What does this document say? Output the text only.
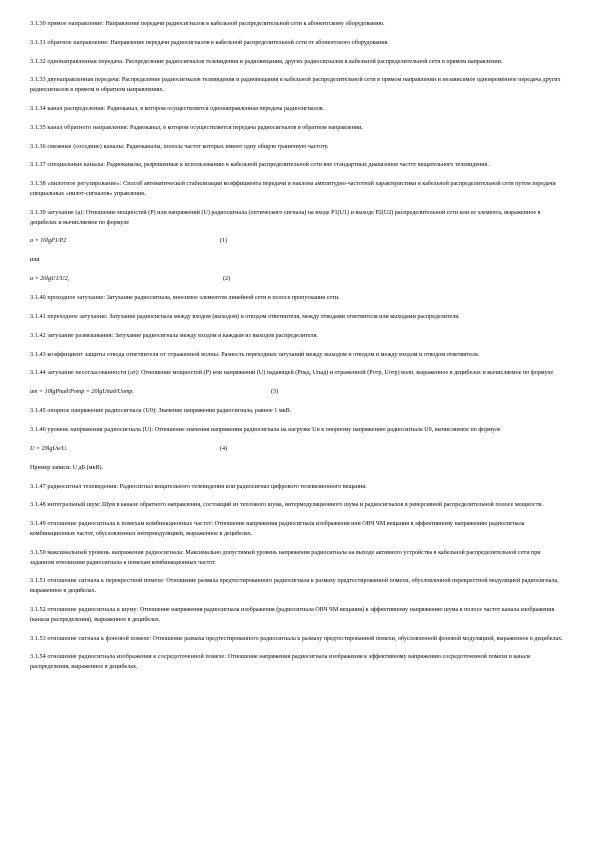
3.1.30 прямое направление: Направление передачи радиосигналов в кабельной распределительной сети к абонентскому оборудованию.

3.1.31 обратное направление: Направление передачи радиосигналов в кабельной распределительной сети от абонентского оборудования.

3.1.32 однонаправленная передача: Распределение радиосигналов телевидения и радиовещания, других радиосигналов в кабельной распределительной сети в прямом направлении.

3.1.33 двунаправленная передача: Распределение радиосигналов телевидения и радиовещания в кабельной распределительной сети в прямом направлении и независимое одновременное передача других радиосигналов в прямом и обратном направлениях.

3.1.34 канал распределения: Радиоканал, в котором осуществляется однонаправленная передача радиосигналов.

3.1.35 канал обратного направления: Радиоканал, в котором осуществляется передача радиосигналов в обратном направлении.

3.1.36 смежные (соседние) каналы: Радиоканалы, полосы частот которых имеют одну общую граничную частоту.

3.1.37 специальные каналы: Радиоканалы, разрешенные к использованию в кабельной распределительной сети вне стандартных диапазонов частот вещательного телевидения.

3.1.38 «пилотное регулирование»: Способ автоматической стабилизации коэффициента передачи и наклона амплитудно-частотной характеристики в кабельной распределительной сети путем передачи специальных «пилот-сигналов» управления.

3.1.39 затухание (а): Отношение мощностей (P) или напряжений (U) радиосигнала (оптического сигнала) на входе P1(U1) и выходе P2(U2) распределительной сети или ее элемента, выраженное в децибелах и вычисляемое по формуле

a = 10lgP1/P2	(1)

или

a = 20lgU1/U2,	(2)

3.1.40 проходное затухание: Затухание радиосигнала, вносимое элементом линейной сети в полосе пропускания сети.

3.1.41 переходное затухание: Затухание радиосигнала между входом (выходом) и отводом ответвителя, между отводами ответвителя или выходами распределителя.

3.1.42 затухание развязывания: Затухание радиосигнала между входом и каждым из выходов распределителя.

3.1.43 коэффициент защиты отвода ответвителя от отраженной волны: Разность переходных затуханий между выходом и отводом и между входом и отводом ответвителя.

3.1.44 затухание несогласованности (ат): Отношение мощностей (P) или напряжений (U) падающей (Pпад, Uпад) и отраженной (Pотр, Uотр) волн, выраженное в децибелах и вычисляемое по формуле

aт = 10lgPпад/Pотр = 20lgUпад/Uотр.	(3)

3.1.45 опорное напряжение радиосигнала (U0): Значение напряжения радиосигнала, равное 1 мкВ.

3.1.46 уровень напряжения радиосигнала (U): Отношение значения напряжения радиосигнала на нагрузке Uн к опорному напряжению радиосигнала U0, вычисляемое по формуле

U = 20lgUн/U.	(4)

Пример записи: U дБ (мкВ).

3.1.47 радиосигнал телевидения: Радиосигнал вещательного телевидения или радиосигнал цифрового телевизионного вещания.

3.1.48 интегральный шум: Шум в канале обратного направления, состоящий из теплового шума, интермодуляционного шума и радиосигналов в реверсивной распределительной полосе мощности.

3.1.49 отношение радиосигнала к помехам комбинационных частот: Отношение напряжения радиосигнала изображения или ОВЧ ЧМ вещания к эффективному напряжению радиосигнала комбинационных частот, обусловленных интермодуляцией, выраженное в децибелах.

3.1.50 максимальный уровень напряжения радиосигнала: Максимально допустимый уровень напряжения радиосигнала на выходе активного устройства в кабельной распределительной сети при заданном отношении радиосигнала к помехам комбинационных частот.

3.1.51 отношение сигнала к перекрестной помехе: Отношение размаха предтестированного радиосигнала к размаху предтестированной помехи, обусловленной перекрестной модуляцией радиосигнала, выраженное в децибелах.

3.1.52 отношение радиосигнала к шуму: Отношение напряжения радиосигнала изображения (радиосигнала ОВЧ ЧМ вещания) к эффективному напряжению шума в полосе частот канала изображения (канала распределения), выраженное в децибелах.

3.1.53 отношение сигнала к фоновой помехе: Отношение размаха предтестированного радиосигнала к размаху предтестированной помехи, обусловленной фоновой модуляцией, выраженное в децибелах.

3.1.54 отношение радиосигнала изображения к сосредоточенной помехе: Отношение напряжения радиосигнала изображения к эффективному напряжению сосредоточенной помехи в канале распределения, выраженное в децибелах.
